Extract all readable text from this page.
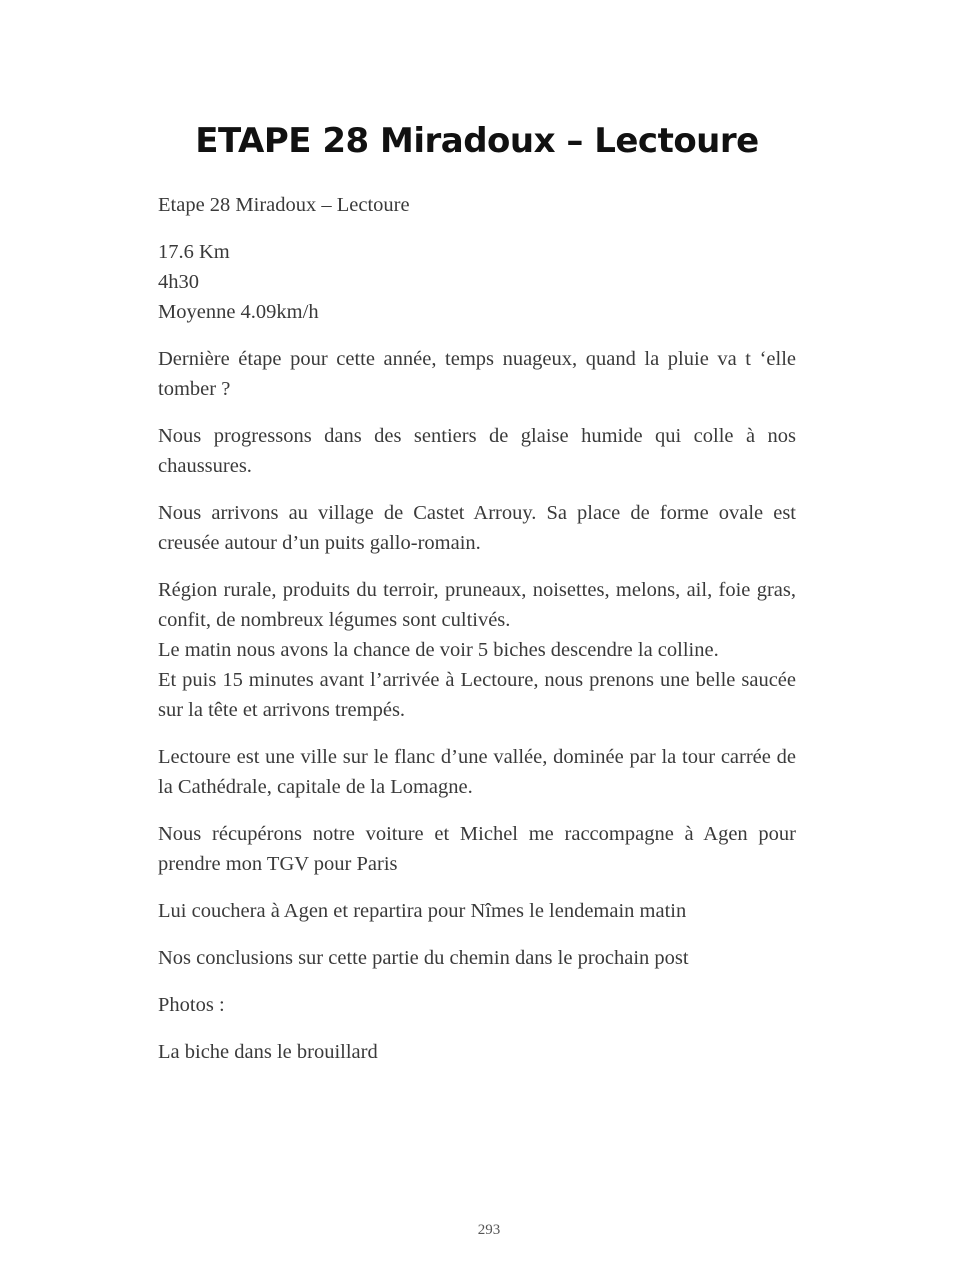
ETAPE 28 Miradoux – Lectoure

Etape 28 Miradoux – Lectoure

17.6 Km
4h30
Moyenne 4.09km/h

Dernière étape pour cette année, temps nuageux, quand la pluie va t ‘elle tomber ?

Nous progressons dans des sentiers de glaise humide qui colle à nos chaussures.

Nous arrivons au village de Castet Arrouy. Sa place de forme ovale est creusée autour d’un puits gallo-romain.

Région rurale, produits du terroir, pruneaux, noisettes, melons, ail, foie gras, confit, de nombreux légumes sont cultivés.
Le matin nous avons la chance de voir 5 biches descendre la colline.
Et puis 15 minutes avant l’arrivée à Lectoure, nous prenons une belle saucée sur la tête et arrivons trempés.

Lectoure est une ville sur le flanc d’une vallée, dominée par la tour carrée de la Cathédrale, capitale de la Lomagne.

Nous récupérons notre voiture et Michel me raccompagne à Agen pour prendre mon TGV pour Paris

Lui couchera à Agen et repartira pour Nîmes le lendemain matin

Nos conclusions sur cette partie du chemin dans le prochain post

Photos :

La biche dans le brouillard

293
